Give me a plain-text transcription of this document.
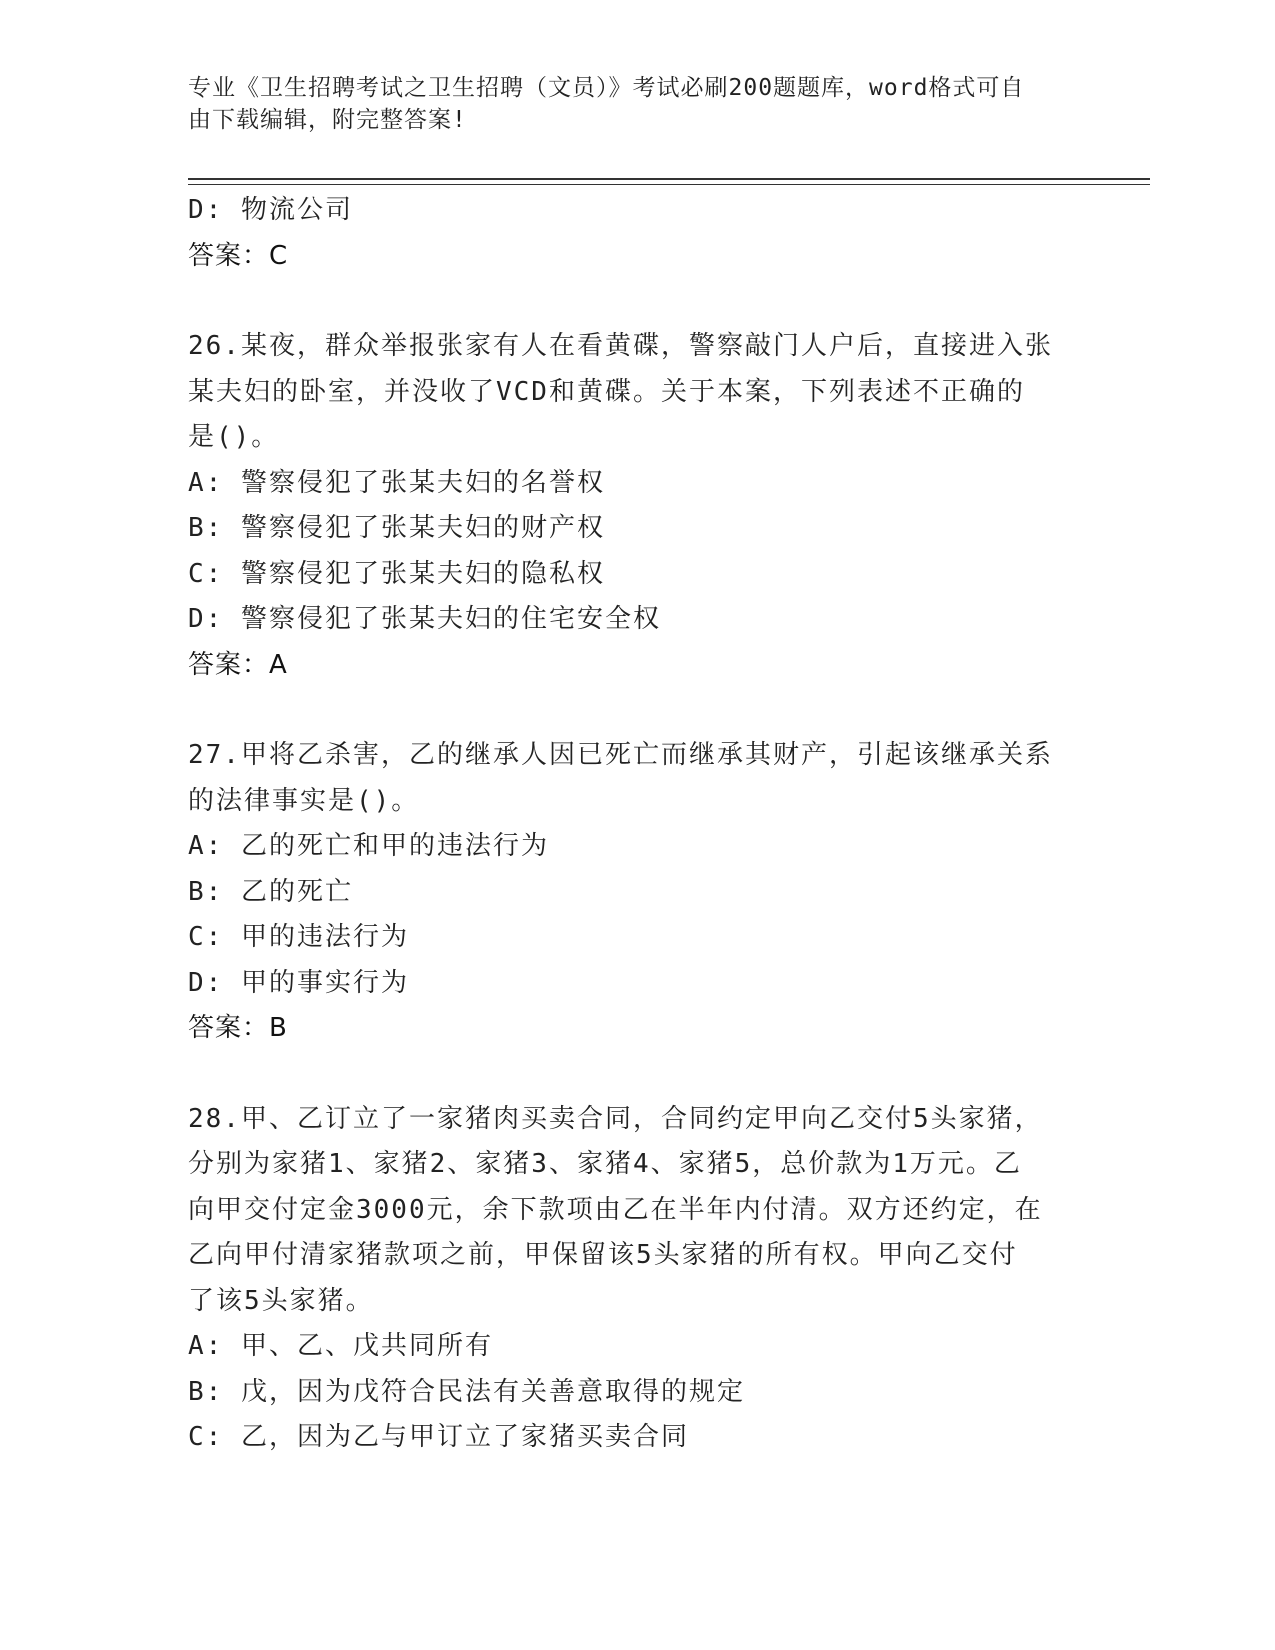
专业《卫生招聘考试之卫生招聘（文员）》考试必刷200题题库，word格式可自
由下载编辑，附完整答案!
D: 物流公司
答案：C
26.某夜，群众举报张家有人在看黄碟，警察敲门人户后，直接进入张
某夫妇的卧室，并没收了VCD和黄碟。关于本案，下列表述不正确的
是()。
A: 警察侵犯了张某夫妇的名誉权
B: 警察侵犯了张某夫妇的财产权
C: 警察侵犯了张某夫妇的隐私权
D: 警察侵犯了张某夫妇的住宅安全权
答案：A
27.甲将乙杀害，乙的继承人因已死亡而继承其财产，引起该继承关系
的法律事实是()。
A: 乙的死亡和甲的违法行为
B: 乙的死亡
C: 甲的违法行为
D: 甲的事实行为
答案：B
28.甲、乙订立了一家猪肉买卖合同，合同约定甲向乙交付5头家猪，
分别为家猪1、家猪2、家猪3、家猪4、家猪5，总价款为1万元。乙
向甲交付定金3000元，余下款项由乙在半年内付清。双方还约定，在
乙向甲付清家猪款项之前，甲保留该5头家猪的所有权。甲向乙交付
了该5头家猪。
A: 甲、乙、戊共同所有
B: 戊，因为戊符合民法有关善意取得的规定
C: 乙，因为乙与甲订立了家猪买卖合同
